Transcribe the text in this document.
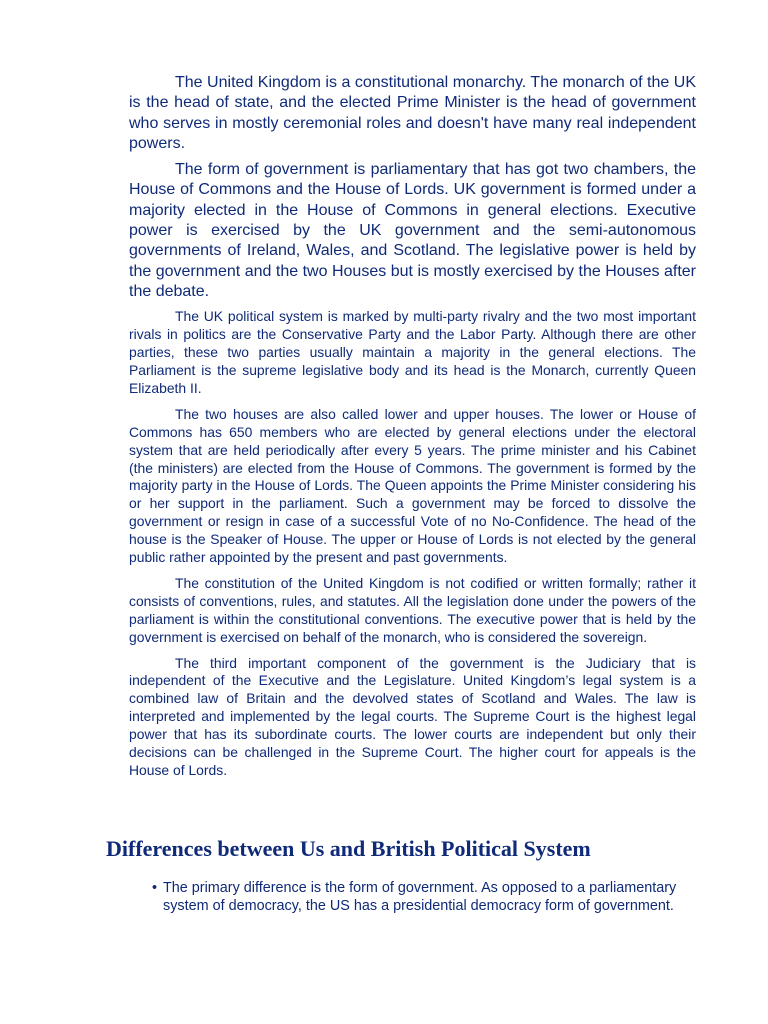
The United Kingdom is a constitutional monarchy. The monarch of the UK is the head of state, and the elected Prime Minister is the head of government who serves in mostly ceremonial roles and doesn't have many real independent powers.

The form of government is parliamentary that has got two chambers, the House of Commons and the House of Lords. UK government is formed under a majority elected in the House of Commons in general elections. Executive power is exercised by the UK government and the semi-autonomous governments of Ireland, Wales, and Scotland. The legislative power is held by the government and the two Houses but is mostly exercised by the Houses after the debate.

The UK political system is marked by multi-party rivalry and the two most important rivals in politics are the Conservative Party and the Labor Party. Although there are other parties, these two parties usually maintain a majority in the general elections. The Parliament is the supreme legislative body and its head is the Monarch, currently Queen Elizabeth II.

The two houses are also called lower and upper houses. The lower or House of Commons has 650 members who are elected by general elections under the electoral system that are held periodically after every 5 years. The prime minister and his Cabinet (the ministers) are elected from the House of Commons. The government is formed by the majority party in the House of Lords. The Queen appoints the Prime Minister considering his or her support in the parliament. Such a government may be forced to dissolve the government or resign in case of a successful Vote of no No-Confidence. The head of the house is the Speaker of House. The upper or House of Lords is not elected by the general public rather appointed by the present and past governments.

The constitution of the United Kingdom is not codified or written formally; rather it consists of conventions, rules, and statutes. All the legislation done under the powers of the parliament is within the constitutional conventions. The executive power that is held by the government is exercised on behalf of the monarch, who is considered the sovereign.

The third important component of the government is the Judiciary that is independent of the Executive and the Legislature. United Kingdom’s legal system is a combined law of Britain and the devolved states of Scotland and Wales. The law is interpreted and implemented by the legal courts. The Supreme Court is the highest legal power that has its subordinate courts. The lower courts are independent but only their decisions can be challenged in the Supreme Court. The higher court for appeals is the House of Lords.

Differences between Us and British Political System
• The primary difference is the form of government. As opposed to a parliamentary system of democracy, the US has a presidential democracy form of government.
